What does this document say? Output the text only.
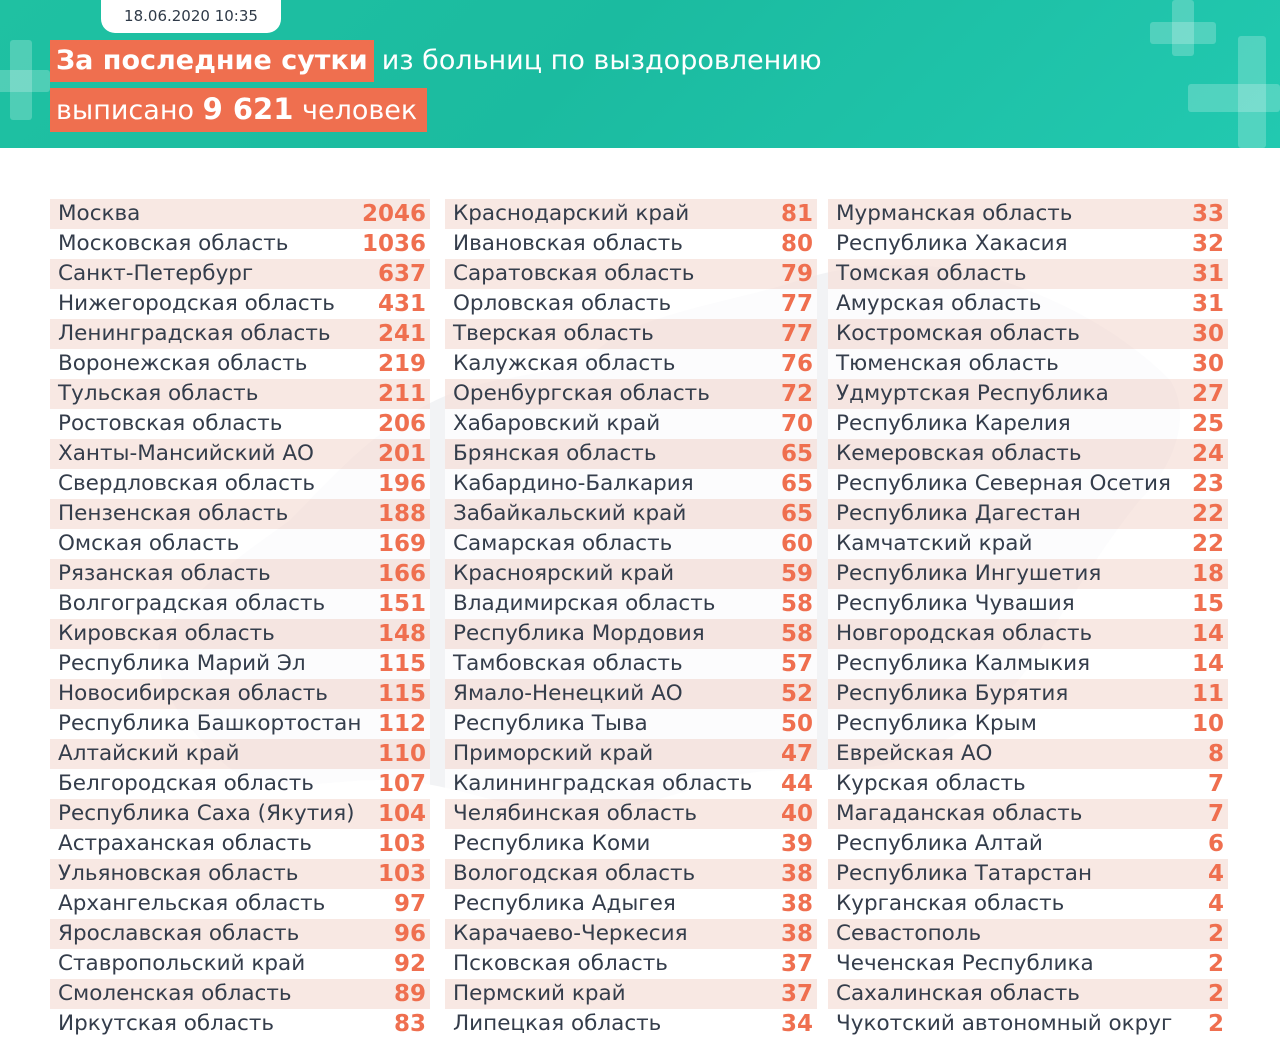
18.06.2020 10:35
За последние сутки из больниц по выздоровлению
выписано 9 621 человек
Москва	2046
Московская область	1036
Санкт-Петербург	637
Нижегородская область 431
Ленинградская область 241
Воронежская область	219
Тульская область	211
Ростовская область	206
Ханты-Мансийский АО	201
Свердловская область	196
Пензенская область	188
Омская область	169
Рязанская область	166
Волгоградская область 151
Кировская область	148
Республика Марий Эл	115
Новосибирская область 115
Республика Башкортостан 112
Алтайский край	110
Белгородская область	107
Республика Саха (Якутия) 104
Астраханская область	103
Ульяновская область	103
Архангельская область	97
Ярославская область	96
Ставропольский край	92
Смоленская область	89
Иркутская область	83
Краснодарский край	81
Ивановская область	80
Саратовская область	79
Орловская область	77
Тверская область	77
Калужская область	76
Оренбургская область	72
Хабаровский край	70
Брянская область	65
Кабардино-Балкария	65
Забайкальский край	65
Самарская область	60
Красноярский край	59
Владимирская область	58
Республика Мордовия	58
Тамбовская область	57
Ямало-Ненецкий АО	52
Республика Тыва	50
Приморский край	47
Калининградская область 44
Челябинская область	40
Республика Коми	39
Вологодская область	38
Республика Адыгея	38
Карачаево-Черкесия	38
Псковская область	37
Пермский край	37
Липецкая область	34
Мурманская область	33
Республика Хакасия	32
Томская область	31
Амурская область	31
Костромская область	30
Тюменская область	30
Удмуртская Республика	27
Республика Карелия	25
Кемеровская область	24
Республика Северная Осетия 23
Республика Дагестан	22
Камчатский край	22
Республика Ингушетия	18
Республика Чувашия	15
Новгородская область	14
Республика Калмыкия	14
Республика Бурятия	11
Республика Крым	10
Еврейская АО	8
Курская область	7
Магаданская область	7
Республика Алтай	6
Республика Татарстан	4
Курганская область	4
Севастополь	2
Чеченская Республика	2
Сахалинская область	2
Чукотский автономный округ 2
